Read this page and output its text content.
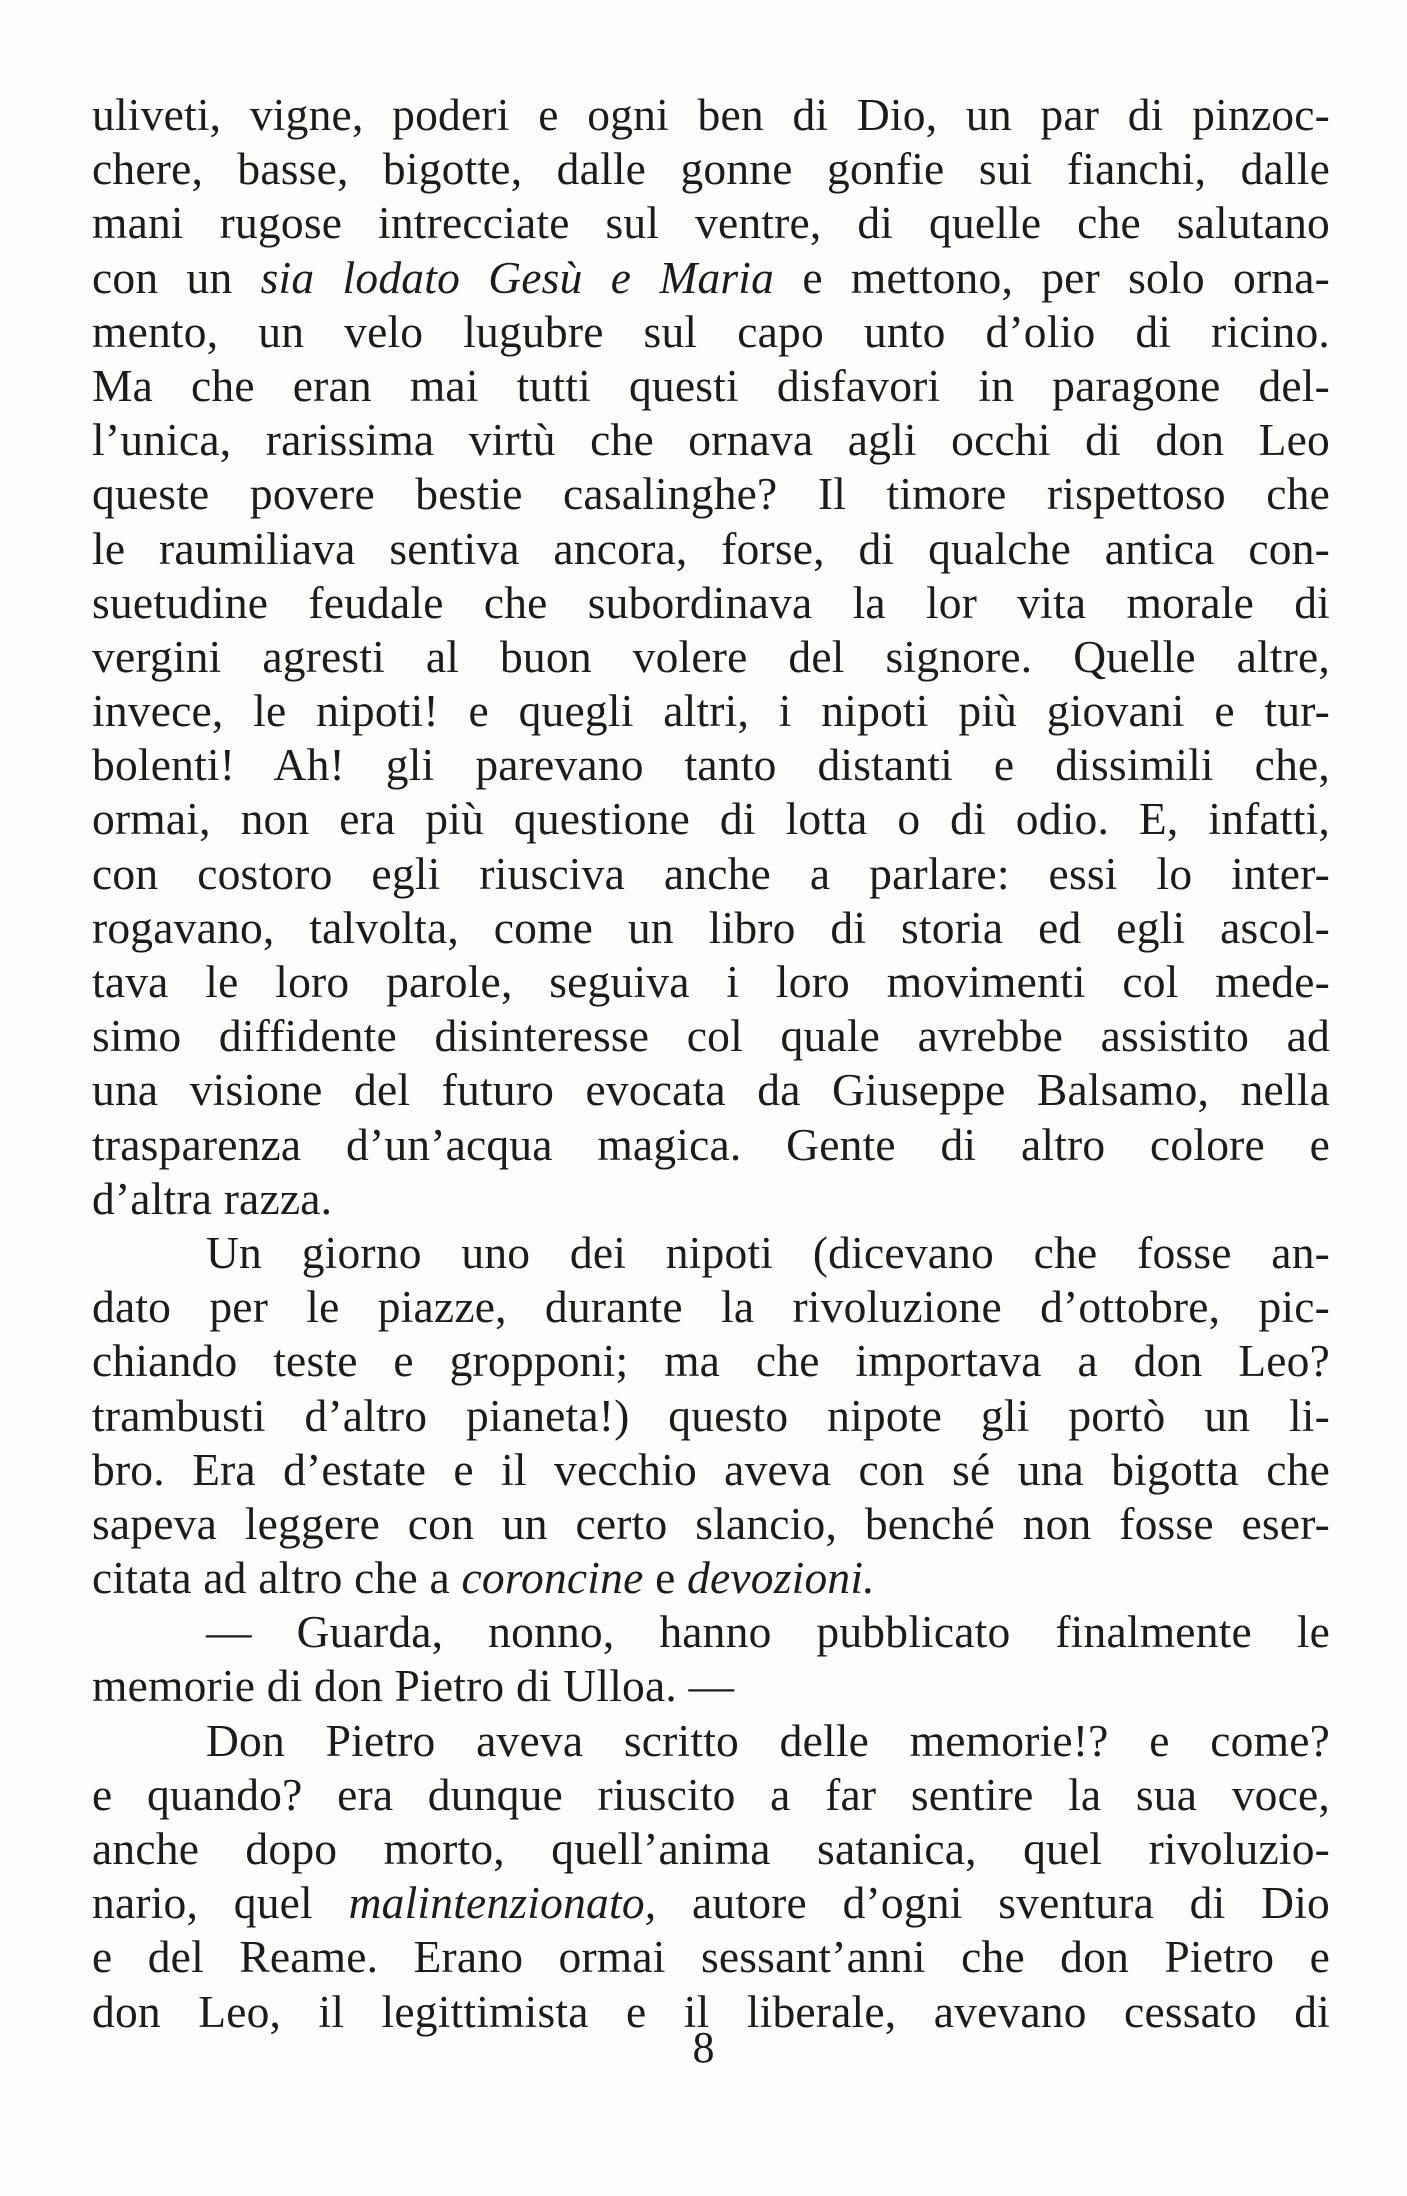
uliveti, vigne, poderi e ogni ben di Dio, un par di pinzoc-
chere, basse, bigotte, dalle gonne gonfie sui fianchi, dalle
mani rugose intrecciate sul ventre, di quelle che salutano
con un sia lodato Gesù e Maria e mettono, per solo orna-
mento, un velo lugubre sul capo unto d’olio di ricino.
Ma che eran mai tutti questi disfavori in paragone del-
l’unica, rarissima virtù che ornava agli occhi di don Leo
queste povere bestie casalinghe? Il timore rispettoso che
le raumiliava sentiva ancora, forse, di qualche antica con-
suetudine feudale che subordinava la lor vita morale di
vergini agresti al buon volere del signore. Quelle altre,
invece, le nipoti! e quegli altri, i nipoti più giovani e tur-
bolenti! Ah! gli parevano tanto distanti e dissimili che,
ormai, non era più questione di lotta o di odio. E, infatti,
con costoro egli riusciva anche a parlare: essi lo inter-
rogavano, talvolta, come un libro di storia ed egli ascol-
tava le loro parole, seguiva i loro movimenti col mede-
simo diffidente disinteresse col quale avrebbe assistito ad
una visione del futuro evocata da Giuseppe Balsamo, nella
trasparenza d’un’acqua magica. Gente di altro colore e
d’altra razza.
Un giorno uno dei nipoti (dicevano che fosse an-
dato per le piazze, durante la rivoluzione d’ottobre, pic-
chiando teste e gropponi; ma che importava a don Leo?
trambusti d’altro pianeta!) questo nipote gli portò un li-
bro. Era d’estate e il vecchio aveva con sé una bigotta che
sapeva leggere con un certo slancio, benché non fosse eser-
citata ad altro che a coroncine e devozioni.
— Guarda, nonno, hanno pubblicato finalmente le
memorie di don Pietro di Ulloa. —
Don Pietro aveva scritto delle memorie!? e come?
e quando? era dunque riuscito a far sentire la sua voce,
anche dopo morto, quell’anima satanica, quel rivoluzio-
nario, quel malintenzionato, autore d’ogni sventura di Dio
e del Reame. Erano ormai sessant’anni che don Pietro e
don Leo, il legittimista e il liberale, avevano cessato di
8
